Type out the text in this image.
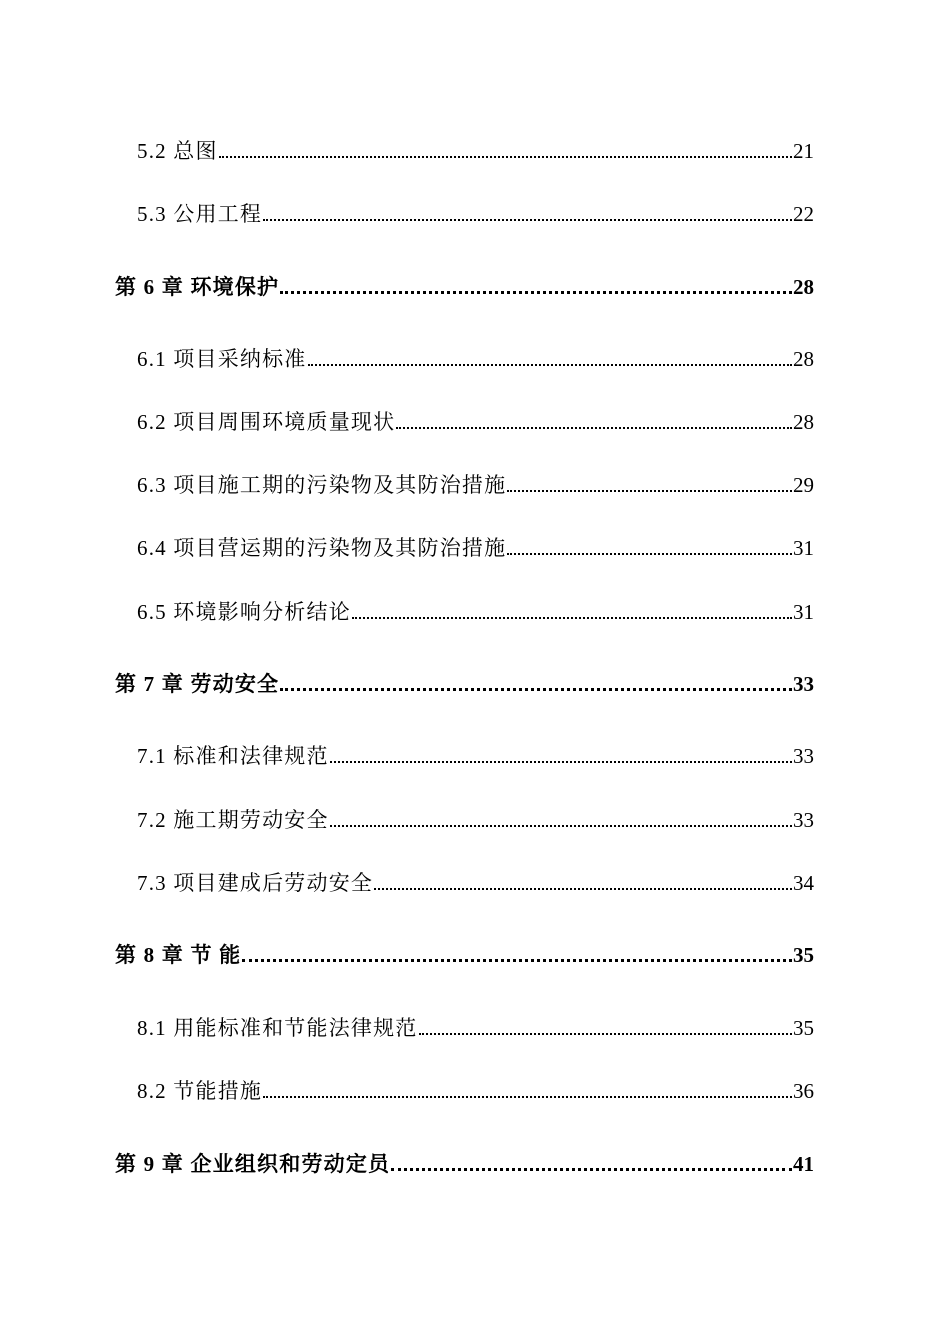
5.2 总图	21
5.3 公用工程	22
第 6 章 环境保护	28
6.1 项目采纳标准	28
6.2 项目周围环境质量现状	28
6.3 项目施工期的污染物及其防治措施	29
6.4 项目营运期的污染物及其防治措施	31
6.5 环境影响分析结论	31
第 7 章 劳动安全	33
7.1 标准和法律规范	33
7.2 施工期劳动安全	33
7.3 项目建成后劳动安全	34
第 8 章 节 能	35
8.1 用能标准和节能法律规范	35
8.2 节能措施	36
第 9 章 企业组织和劳动定员	41
